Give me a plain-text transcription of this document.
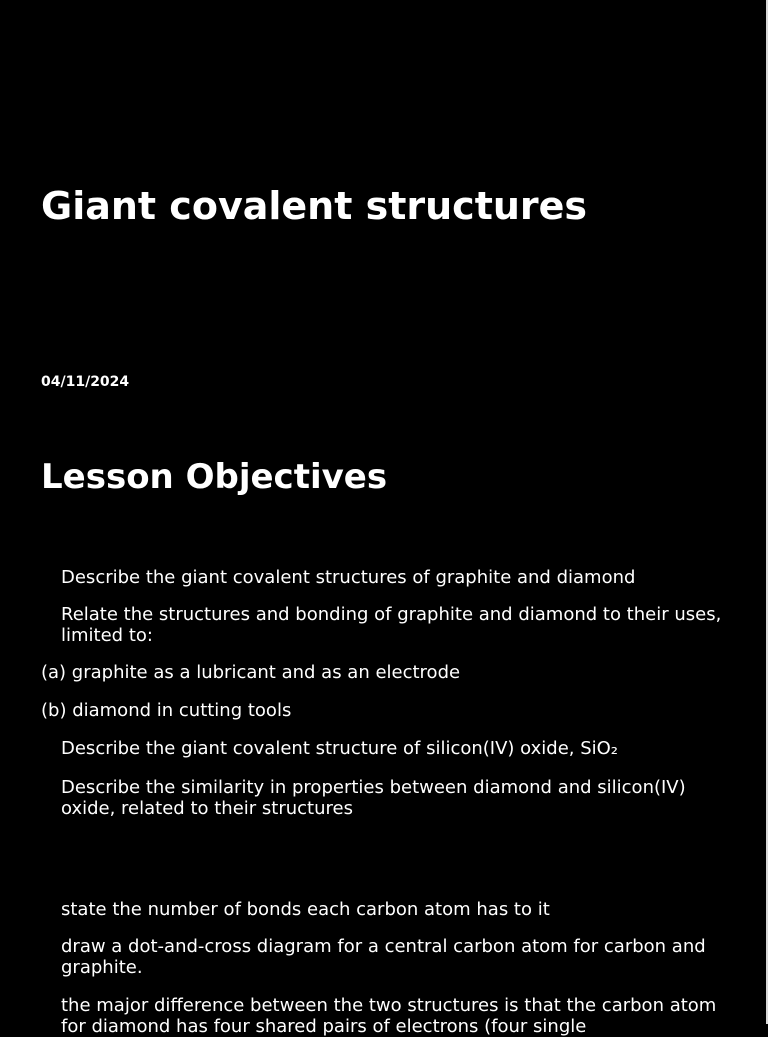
Giant covalent structures
04/11/2024
Lesson Objectives
Describe the giant covalent structures of graphite and diamond
Relate the structures and bonding of graphite and diamond to their uses, limited to:
(a) graphite as a lubricant and as an electrode
(b) diamond in cutting tools
Describe the giant covalent structure of silicon(IV) oxide, SiO₂
Describe the similarity in properties between diamond and silicon(IV) oxide, related to their structures
state the number of bonds each carbon atom has to it
draw a dot-and-cross diagram for a central carbon atom for carbon and graphite.
the major difference between the two structures is that the carbon atom for diamond has four shared pairs of electrons (four single
